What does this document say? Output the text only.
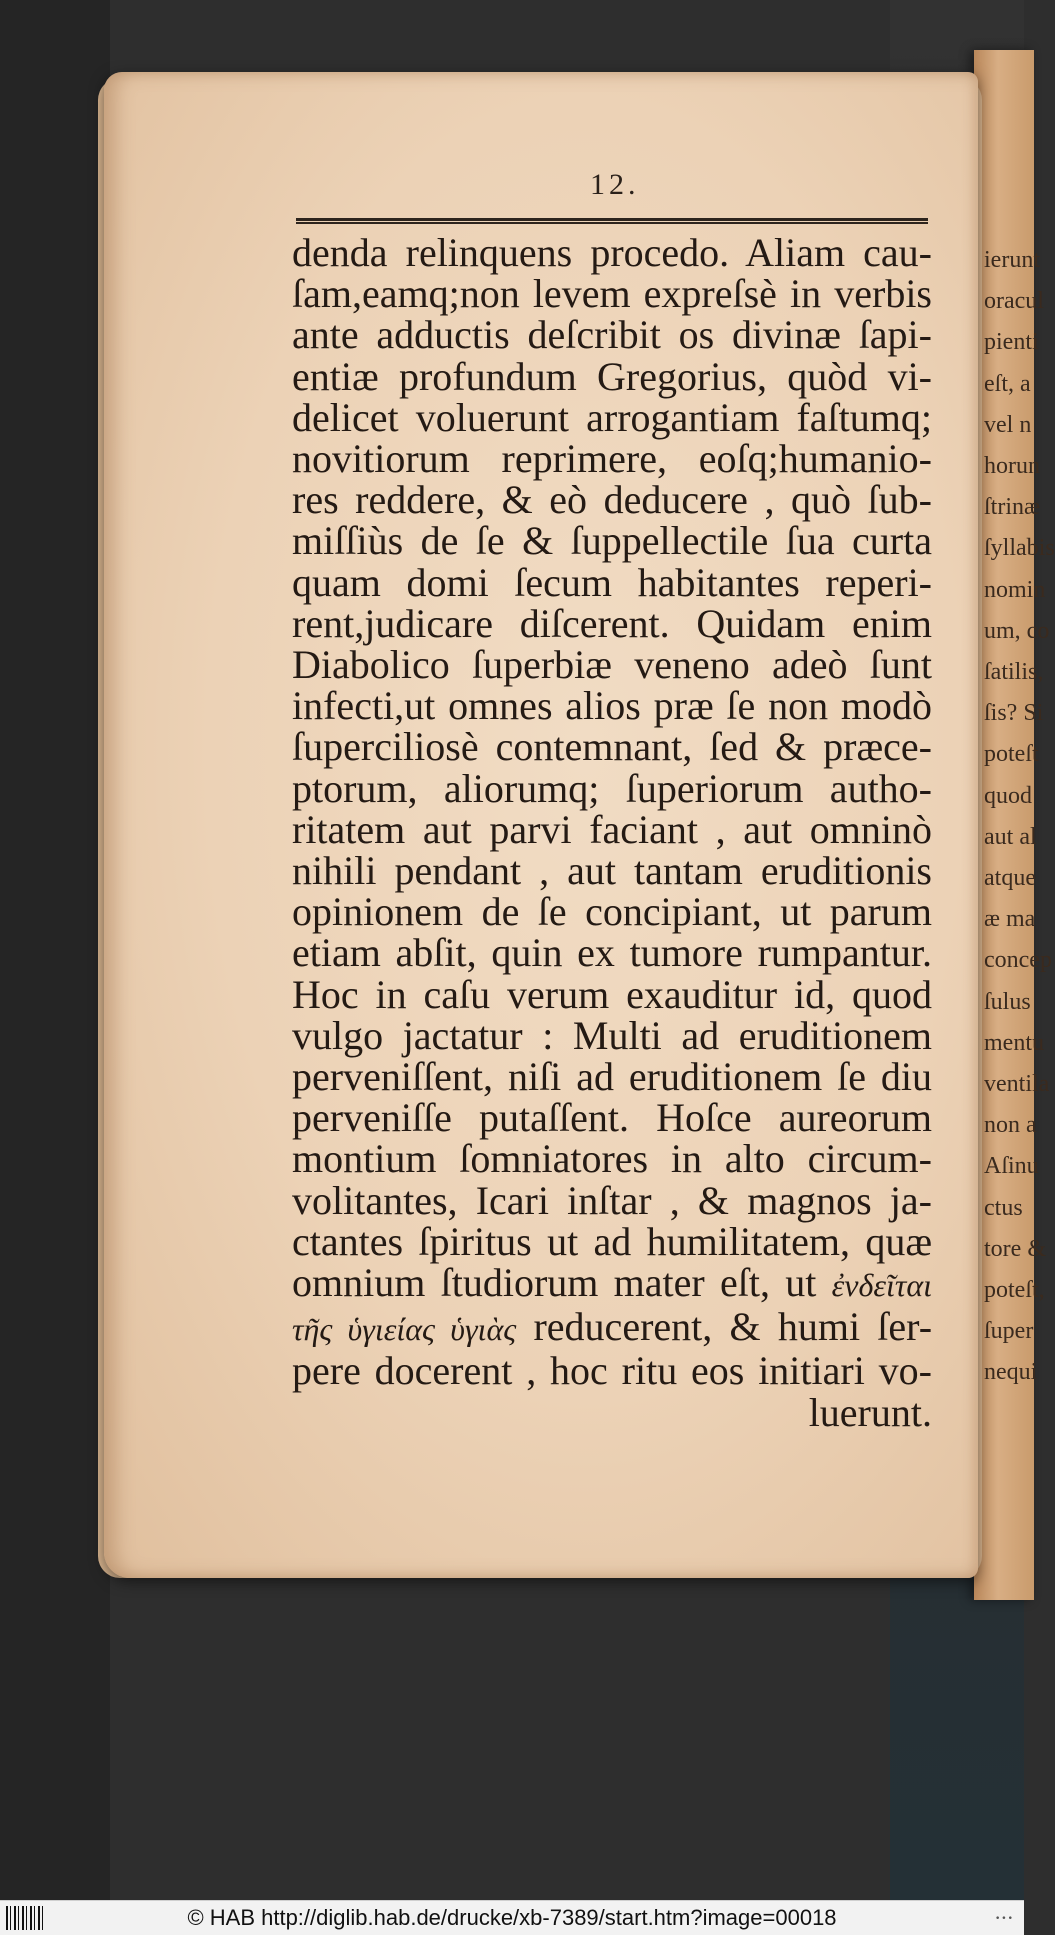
ierunt
oracul
pienti
eſt, a
vel n
horun
ſtrinæ
ſyllabis
nomin
um, co
ſatilis,
ſis? Si
poteſt
quod
aut al
atque
æ ma
concep
ſulus
mentu
ventila
non a
Aſinu
ctus
tore &
poteſt,
ſuper
nequi
12.
denda relinquens procedo. Aliam cau-
ſam,eamq;non levem expreſsè in verbis
ante adductis deſcribit os divinæ ſapi-
entiæ profundum Gregorius, quòd vi-
delicet voluerunt arrogantiam faſtumq;
novitiorum reprimere, eoſq;humanio-
res reddere, & eò deducere , quò ſub-
miſſiùs de ſe & ſuppellectile ſua curta
quam domi ſecum habitantes reperi-
rent,judicare diſcerent. Quidam enim
Diabolico ſuperbiæ veneno adeò ſunt
infecti,ut omnes alios præ ſe non modò
ſuperciliosè contemnant, ſed & præce-
ptorum, aliorumq; ſuperiorum autho-
ritatem aut parvi faciant , aut omninò
nihili pendant , aut tantam eruditionis
opinionem de ſe concipiant, ut parum
etiam abſit, quin ex tumore rumpantur.
Hoc in caſu verum exauditur id, quod
vulgo jactatur : Multi ad eruditionem
perveniſſent, niſi ad eruditionem ſe diu
perveniſſe putaſſent. Hoſce aureorum
montium ſomniatores in alto circum-
volitantes, Icari inſtar , & magnos ja-
ctantes ſpiritus ut ad humilitatem, quæ
omnium ſtudiorum mater eſt, ut ἐνδεῖται
τῆς ὑγιείας ὑγιὰς reducerent, & humi ſer-
pere docerent , hoc ritu eos initiari vo-
luerunt.
© HAB http://diglib.hab.de/drucke/xb-7389/start.htm?image=00018	•••
